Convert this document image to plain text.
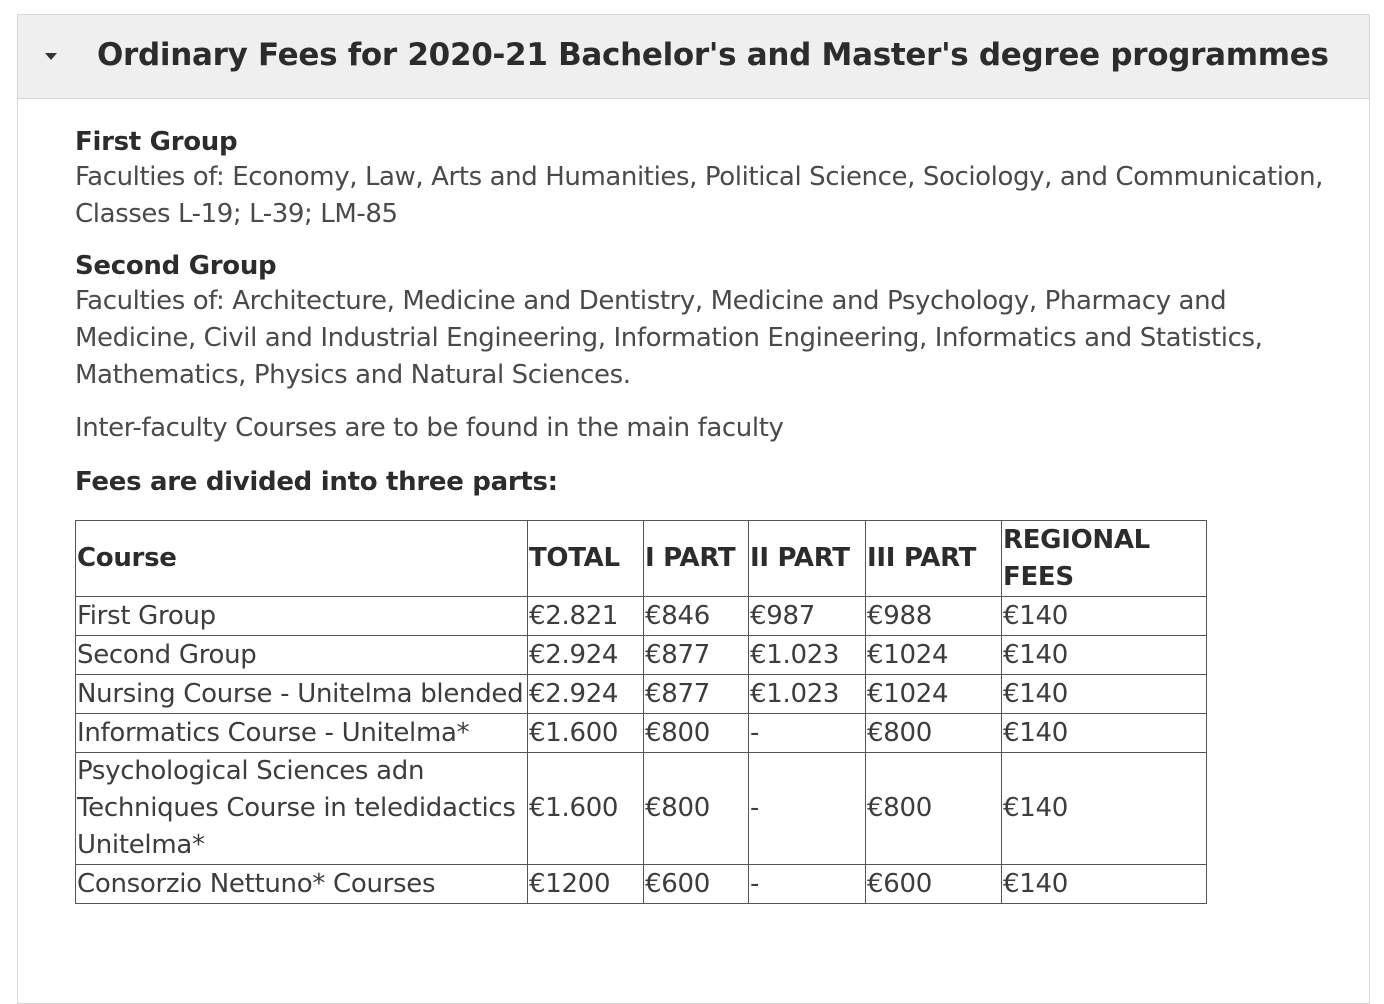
Ordinary Fees for 2020-21 Bachelor's and Master's degree programmes
First Group
Faculties of: Economy, Law, Arts and Humanities, Political Science, Sociology, and Communication, Classes L-19; L-39; LM-85
Second Group
Faculties of: Architecture, Medicine and Dentistry, Medicine and Psychology, Pharmacy and Medicine, Civil and Industrial Engineering, Information Engineering, Informatics and Statistics, Mathematics, Physics and Natural Sciences.
Inter-faculty Courses are to be found in the main faculty
Fees are divided into three parts:
Course	TOTAL	I PART	II PART	III PART	REGIONAL FEES
First Group	€2.821	€846	€987	€988	€140
Second Group	€2.924	€877	€1.023	€1024	€140
Nursing Course - Unitelma blended	€2.924	€877	€1.023	€1024	€140
Informatics Course - Unitelma*	€1.600	€800	-	€800	€140
Psychological Sciences adn Techniques Course in teledidactics Unitelma*	€1.600	€800	-	€800	€140
Consorzio Nettuno* Courses	€1200	€600	-	€600	€140
